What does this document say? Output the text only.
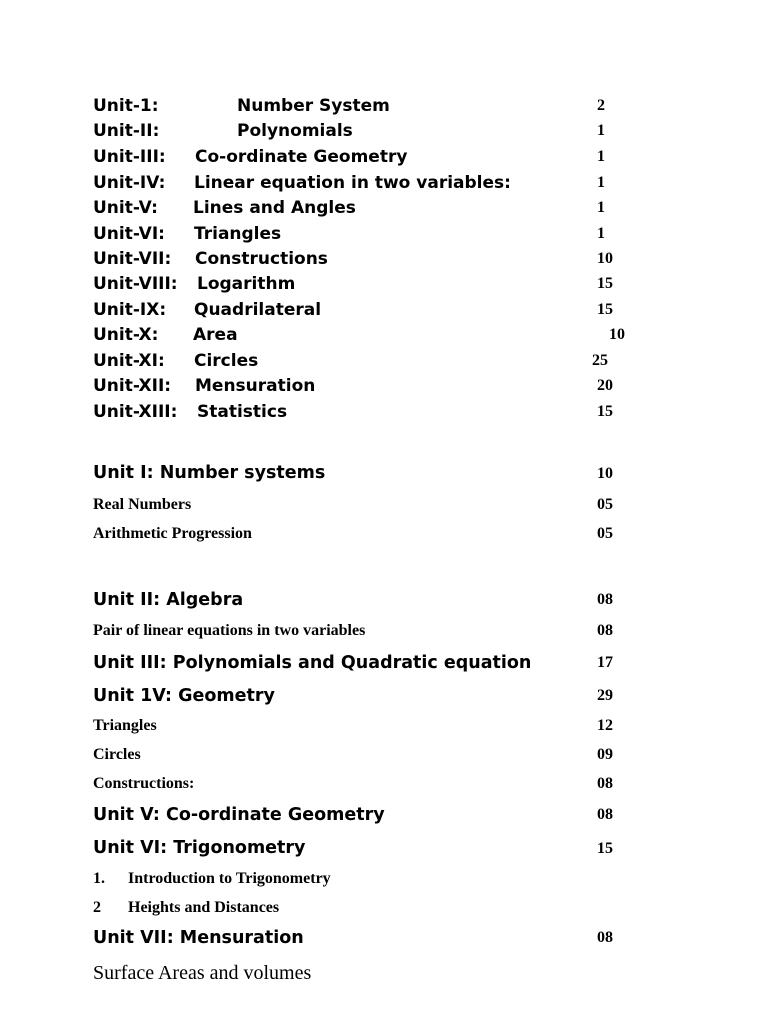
Unit-1:	Number System	2
Unit-II:	Polynomials	1
Unit-III: Co-ordinate Geometry	1
Unit-IV: Linear equation in two variables:	1
Unit-V: Lines and Angles	1
Unit-VI: Triangles	1
Unit-VII: Constructions	10
Unit-VIII: Logarithm	15
Unit-IX: Quadrilateral	15
Unit-X: Area	10
Unit-XI: Circles	25
Unit-XII: Mensuration	20
Unit-XIII: Statistics	15
Unit I: Number systems	10
Real Numbers	05
Arithmetic Progression	05
Unit II: Algebra	08
Pair of linear equations in two variables	08
Unit III: Polynomials and Quadratic equation	17
Unit 1V: Geometry	29
Triangles	12
Circles	09
Constructions:	08
Unit V: Co-ordinate Geometry	08
Unit VI: Trigonometry	15
1. Introduction to Trigonometry
2 Heights and Distances
Unit VII: Mensuration	08
Surface Areas and volumes
